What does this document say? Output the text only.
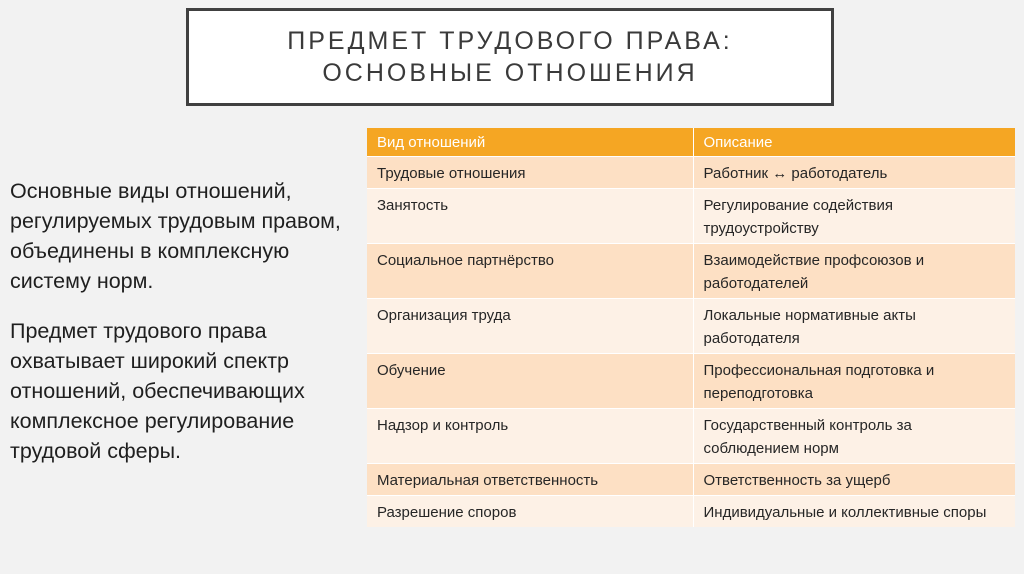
ПРЕДМЕТ ТРУДОВОГО ПРАВА:
ОСНОВНЫЕ ОТНОШЕНИЯ

Основные виды отношений, регулируемых трудовым правом, объединены в комплексную систему норм.

Предмет трудового права охватывает широкий спектр отношений, обеспечивающих комплексное регулирование трудовой сферы.

Вид отношений	Описание
Трудовые отношения	Работник ↔ работодатель
Занятость	Регулирование содействия трудоустройству
Социальное партнёрство	Взаимодействие профсоюзов и работодателей
Организация труда	Локальные нормативные акты работодателя
Обучение	Профессиональная подготовка и переподготовка
Надзор и контроль	Государственный контроль за соблюдением норм
Материальная ответственность	Ответственность за ущерб
Разрешение споров	Индивидуальные и коллективные споры
